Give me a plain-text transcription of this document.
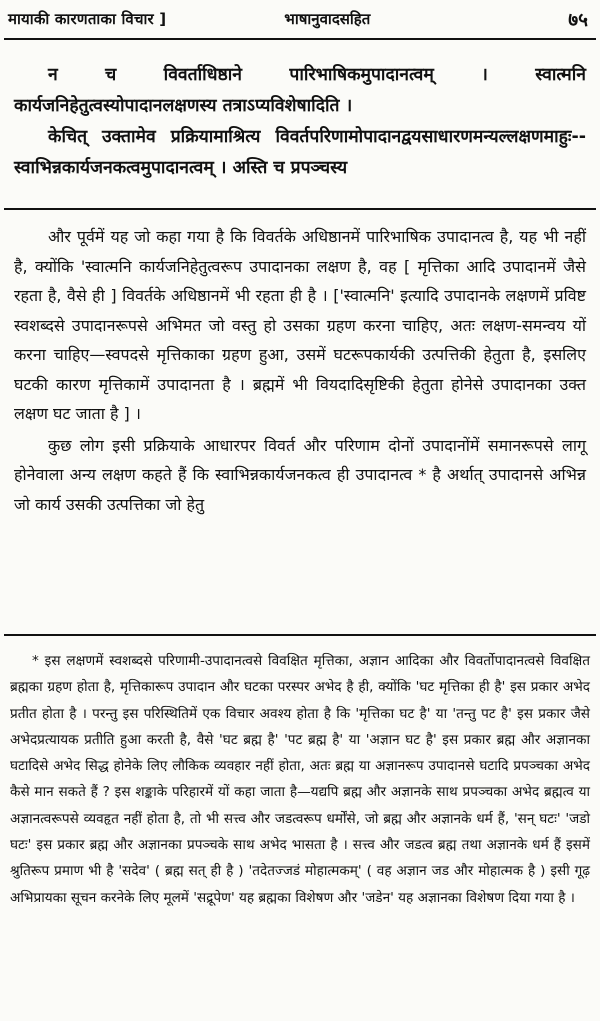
मायाकी कारणताका विचार ]	भाषानुवादसहित	७५

न च विवर्ताधिष्ठाने पारिभाषिकमुपादानत्वम् । स्वात्मनि कार्यजनिहेतुत्वस्योपादानलक्षणस्य तत्राऽप्यविशेषादिति ।

केचित् उक्तामेव प्रक्रियामाश्रित्य विवर्तपरिणामोपादानद्वयसाधारणमन्यल्लक्षणमाहुः--स्वाभिन्नकार्यजनकत्वमुपादानत्वम् । अस्ति च प्रपञ्चस्य

और पूर्वमें यह जो कहा गया है कि विवर्तके अधिष्ठानमें पारिभाषिक उपादानत्व है, यह भी नहीं है, क्योंकि 'स्वात्मनि कार्यजनिहेतुत्वरूप उपादानका लक्षण है, वह [ मृत्तिका आदि उपादानमें जैसे रहता है, वैसे ही ] विवर्तके अधिष्ठानमें भी रहता ही है । ['स्वात्मनि' इत्यादि उपादानके लक्षणमें प्रविष्ट स्वशब्दसे उपादानरूपसे अभिमत जो वस्तु हो उसका ग्रहण करना चाहिए, अतः लक्षण-समन्वय यों करना चाहिए—स्वपदसे मृत्तिकाका ग्रहण हुआ, उसमें घटरूपकार्यकी उत्पत्तिकी हेतुता है, इसलिए घटकी कारण मृत्तिकामें उपादानता है । ब्रह्ममें भी वियदादिसृष्टिकी हेतुता होनेसे उपादानका उक्त लक्षण घट जाता है ] ।

कुछ लोग इसी प्रक्रियाके आधारपर विवर्त और परिणाम दोनों उपादानोंमें समानरूपसे लागू होनेवाला अन्य लक्षण कहते हैं कि स्वाभिन्नकार्यजनकत्व ही उपादानत्व * है अर्थात् उपादानसे अभिन्न जो कार्य उसकी उत्पत्तिका जो हेतु

* इस लक्षणमें स्वशब्दसे परिणामी-उपादानत्वसे विवक्षित मृत्तिका, अज्ञान आदिका और विवर्तोपादानत्वसे विवक्षित ब्रह्मका ग्रहण होता है, मृत्तिकारूप उपादान और घटका परस्पर अभेद है ही, क्योंकि 'घट मृत्तिका ही है' इस प्रकार अभेद प्रतीत होता है । परन्तु इस परिस्थितिमें एक विचार अवश्य होता है कि 'मृत्तिका घट है' या 'तन्तु पट है' इस प्रकार जैसे अभेदप्रत्यायक प्रतीति हुआ करती है, वैसे 'घट ब्रह्म है' 'पट ब्रह्म है' या 'अज्ञान घट है' इस प्रकार ब्रह्म और अज्ञानका घटादिसे अभेद सिद्ध होनेके लिए लौकिक व्यवहार नहीं होता, अतः ब्रह्म या अज्ञानरूप उपादानसे घटादि प्रपञ्चका अभेद कैसे मान सकते हैं ? इस शङ्काके परिहारमें यों कहा जाता है—यद्यपि ब्रह्म और अज्ञानके साथ प्रपञ्चका अभेद ब्रह्मत्व या अज्ञानत्वरूपसे व्यवहृत नहीं होता है, तो भी सत्त्व और जडत्वरूप धर्मोंसे, जो ब्रह्म और अज्ञानके धर्म हैं, 'सन् घटः' 'जडो घटः' इस प्रकार ब्रह्म और अज्ञानका प्रपञ्चके साथ अभेद भासता है । सत्त्व और जडत्व ब्रह्म तथा अज्ञानके धर्म हैं इसमें श्रुतिरूप प्रमाण भी है 'सदेव' ( ब्रह्म सत् ही है ) 'तदेतज्जडं मोहात्मकम्' ( वह अज्ञान जड और मोहात्मक है ) इसी गूढ़ अभिप्रायका सूचन करनेके लिए मूलमें 'सद्रूपेण' यह ब्रह्मका विशेषण और 'जडेन' यह अज्ञानका विशेषण दिया गया है ।
